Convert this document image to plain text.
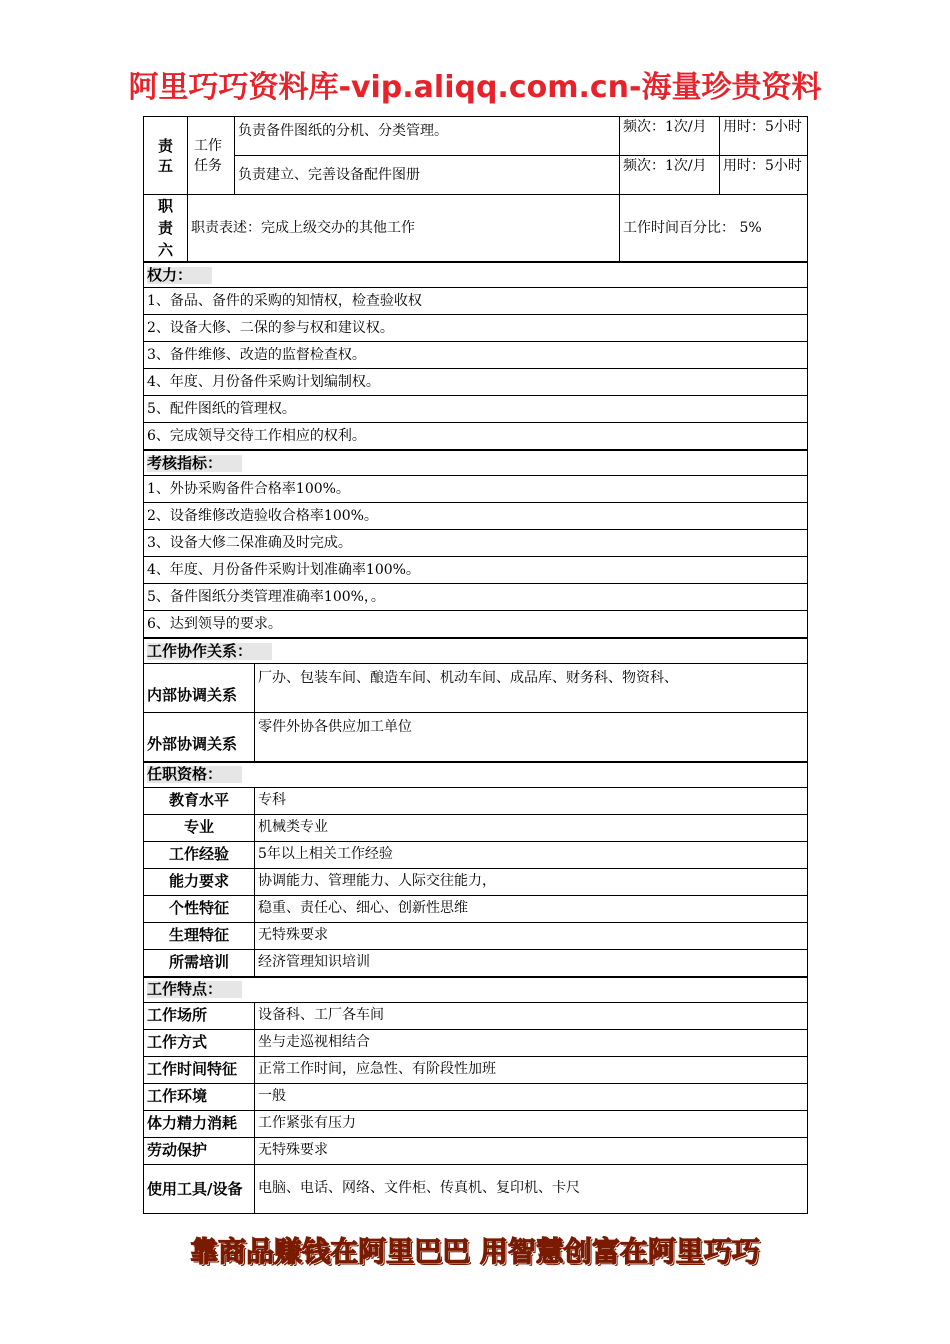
阿里巧巧资料库-vip.aliqq.com.cn-海量珍贵资料
责五	工作任务	负责备件图纸的分机、分类管理。		频次：1次/月	用时：5小时
		负责建立、完善设备配件图册		频次：1次/月	用时：5小时
职责六	职责表述：完成上级交办的其他工作			工作时间百分比： 5%	
权力：					
1、备品、备件的采购的知情权，检查验收权					
2、设备大修、二保的参与权和建议权。					
3、备件维修、改造的监督检查权。					
4、年度、月份备件采购计划编制权。					
5、配件图纸的管理权。					
6、完成领导交待工作相应的权利。					
考核指标：					
1、外协采购备件合格率100%。					
2、设备维修改造验收合格率100%。					
3、设备大修二保准确及时完成。					
4、年度、月份备件采购计划准确率100%。					
5、备件图纸分类管理准确率100%，。					
6、达到领导的要求。					
工作协作关系：					
内部协调关系			厂办、包装车间、酿造车间、机动车间、成品库、财务科、物资科、		
外部协调关系			零件外协各供应加工单位		
任职资格：					
教育水平			专科		
专业			机械类专业		
工作经验			5年以上相关工作经验		
能力要求			协调能力、管理能力、人际交往能力，		
个性特征			稳重、责任心、细心、创新性思维		
生理特征			无特殊要求		
所需培训			经济管理知识培训		
工作特点：					
工作场所			设备科、工厂各车间		
工作方式			坐与走巡视相结合		
工作时间特征			正常工作时间，应急性、有阶段性加班		
工作环境			一般		
体力精力消耗			工作紧张有压力		
劳动保护			无特殊要求		
使用工具/设备			电脑、电话、网络、文件柜、传真机、复印机、卡尺		
靠商品赚钱在阿里巴巴 用智慧创富在阿里巧巧
